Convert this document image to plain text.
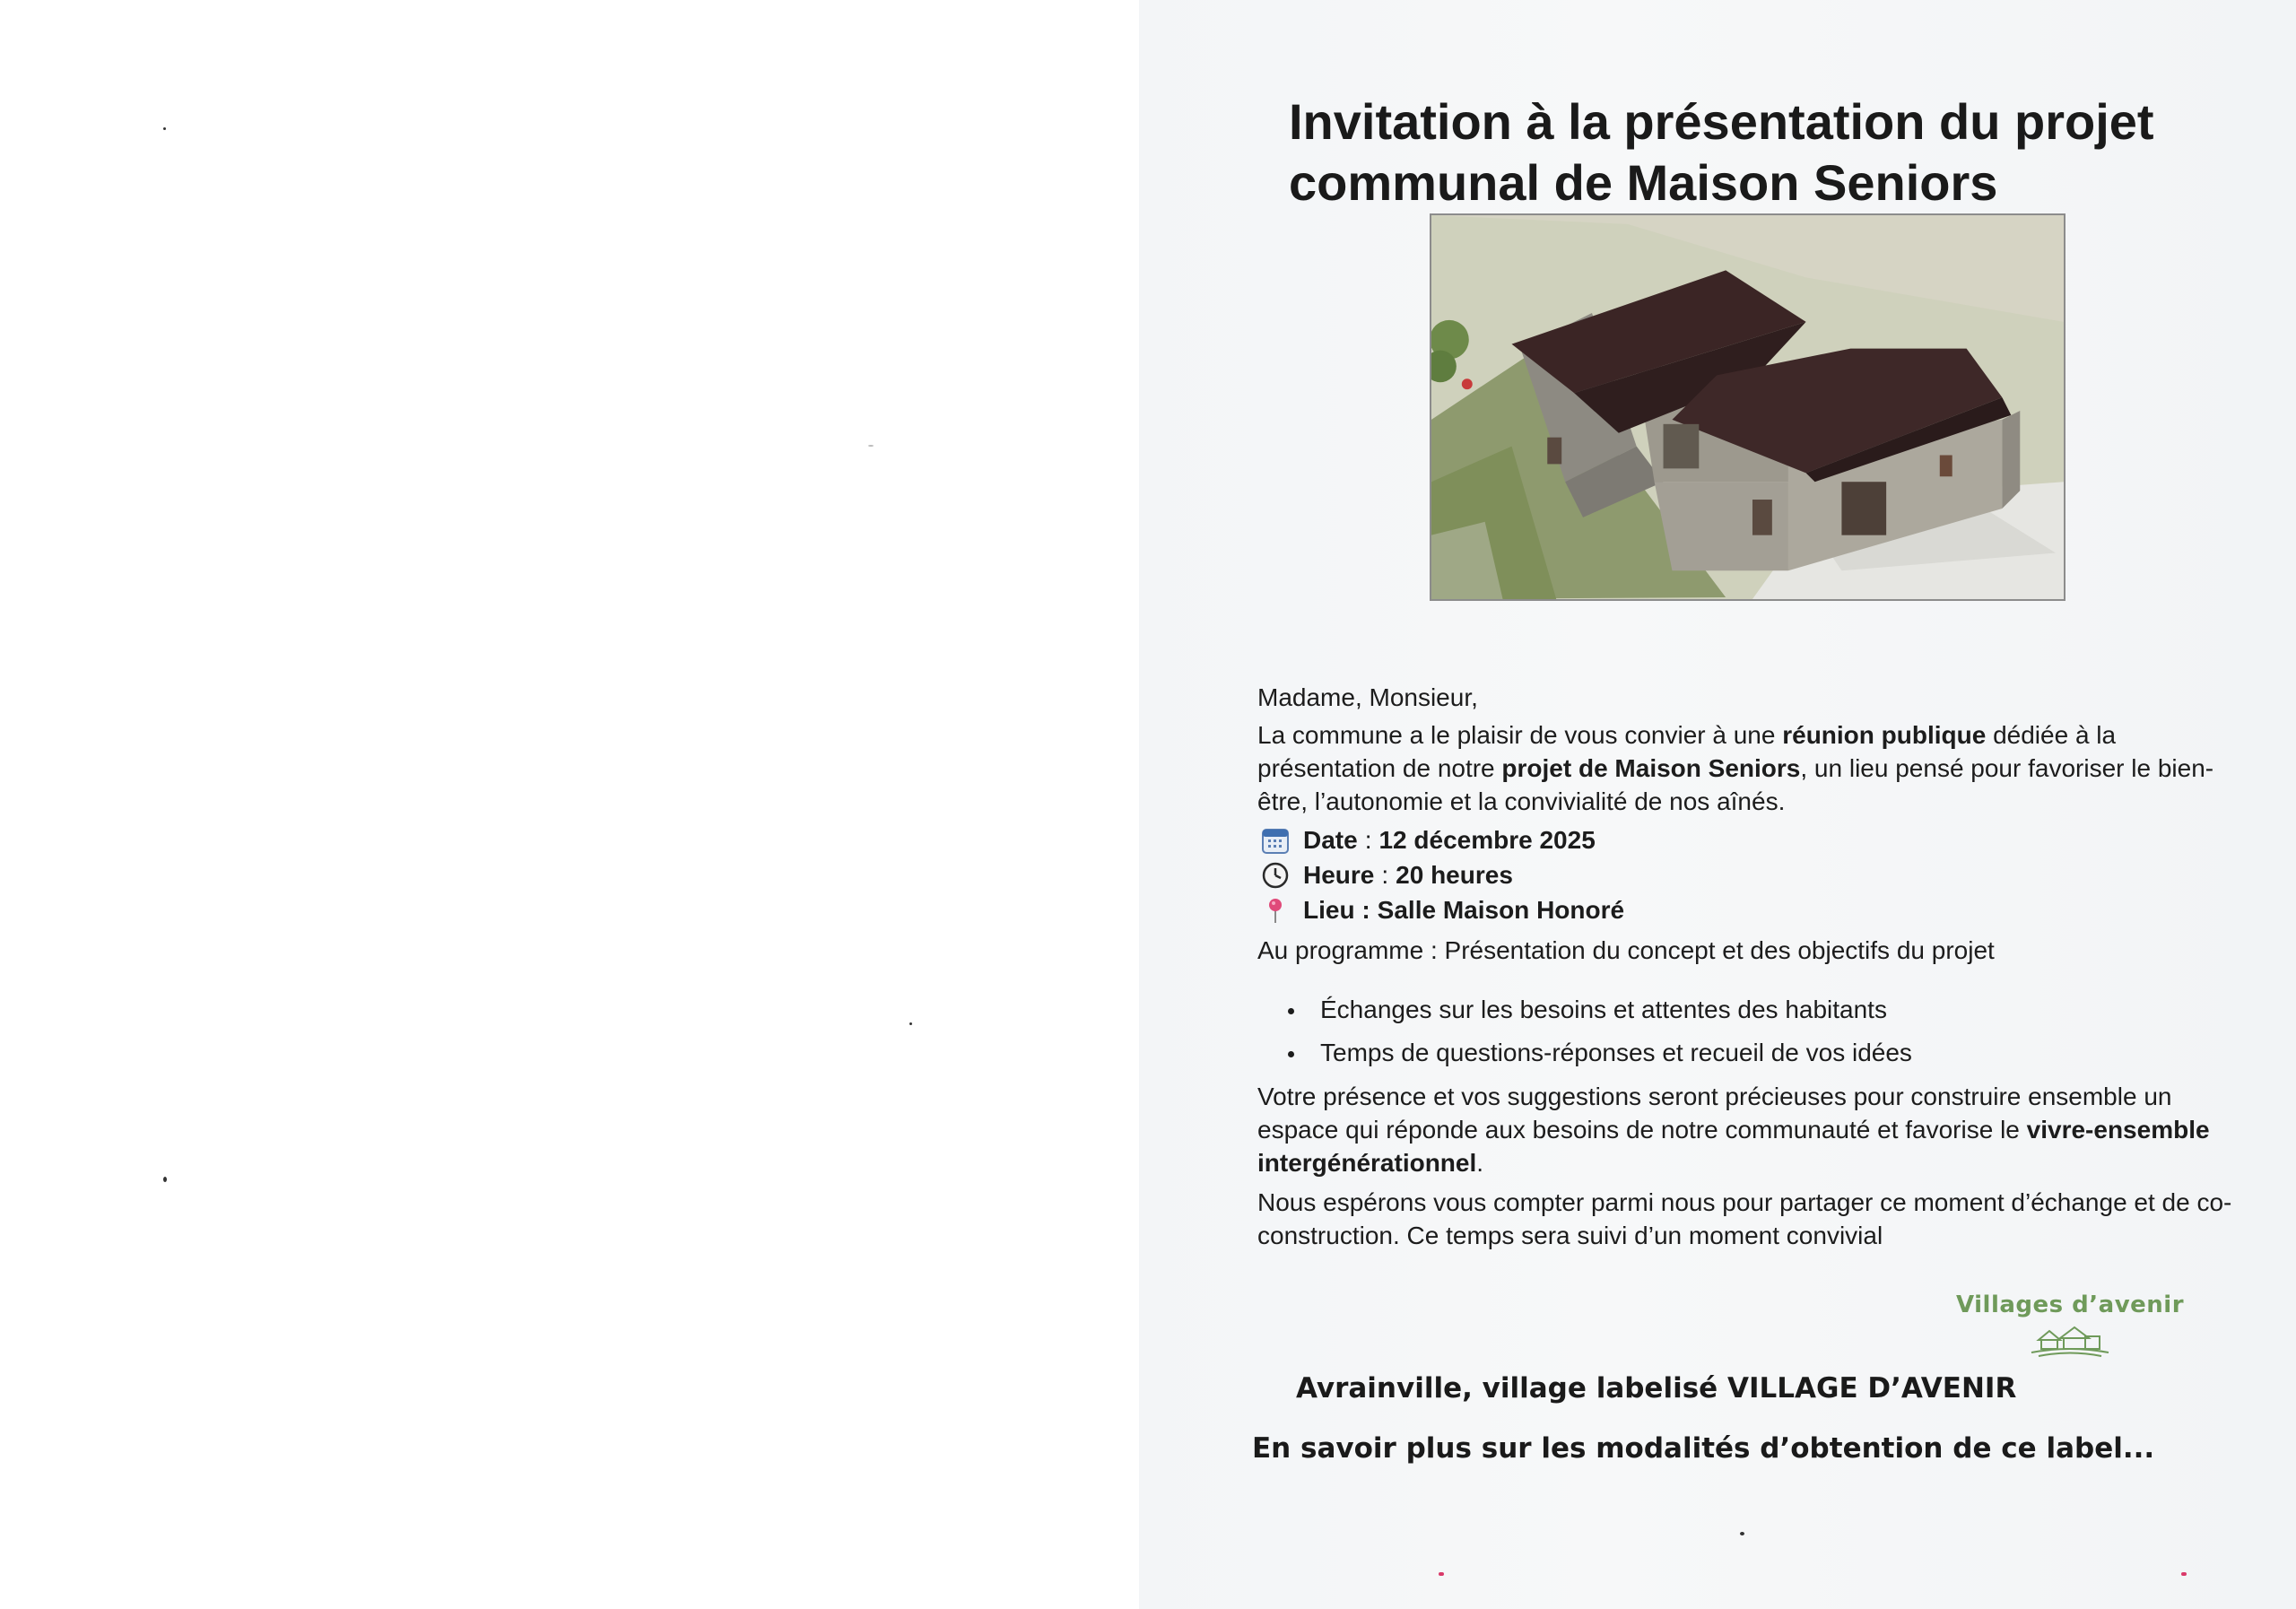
Invitation à la présentation du projet
communal de Maison Seniors
Madame, Monsieur,
La commune a le plaisir de vous convier à une réunion publique dédiée à la présentation de notre projet de Maison Seniors, un lieu pensé pour favoriser le bien-être, l’autonomie et la convivialité de nos aînés.
Date : 12 décembre 2025
Heure : 20 heures
Lieu : Salle Maison Honoré
Au programme : Présentation du concept et des objectifs du projet
Échanges sur les besoins et attentes des habitants
Temps de questions-réponses et recueil de vos idées
Votre présence et vos suggestions seront précieuses pour construire ensemble un espace qui réponde aux besoins de notre communauté et favorise le vivre-ensemble intergénérationnel.
Nous espérons vous compter parmi nous pour partager ce moment d’échange et de co-construction. Ce temps sera suivi d’un moment convivial
Villages d’avenir

Avrainville, village labelisé VILLAGE D’AVENIR

En savoir plus sur les modalités d’obtention de ce label...
